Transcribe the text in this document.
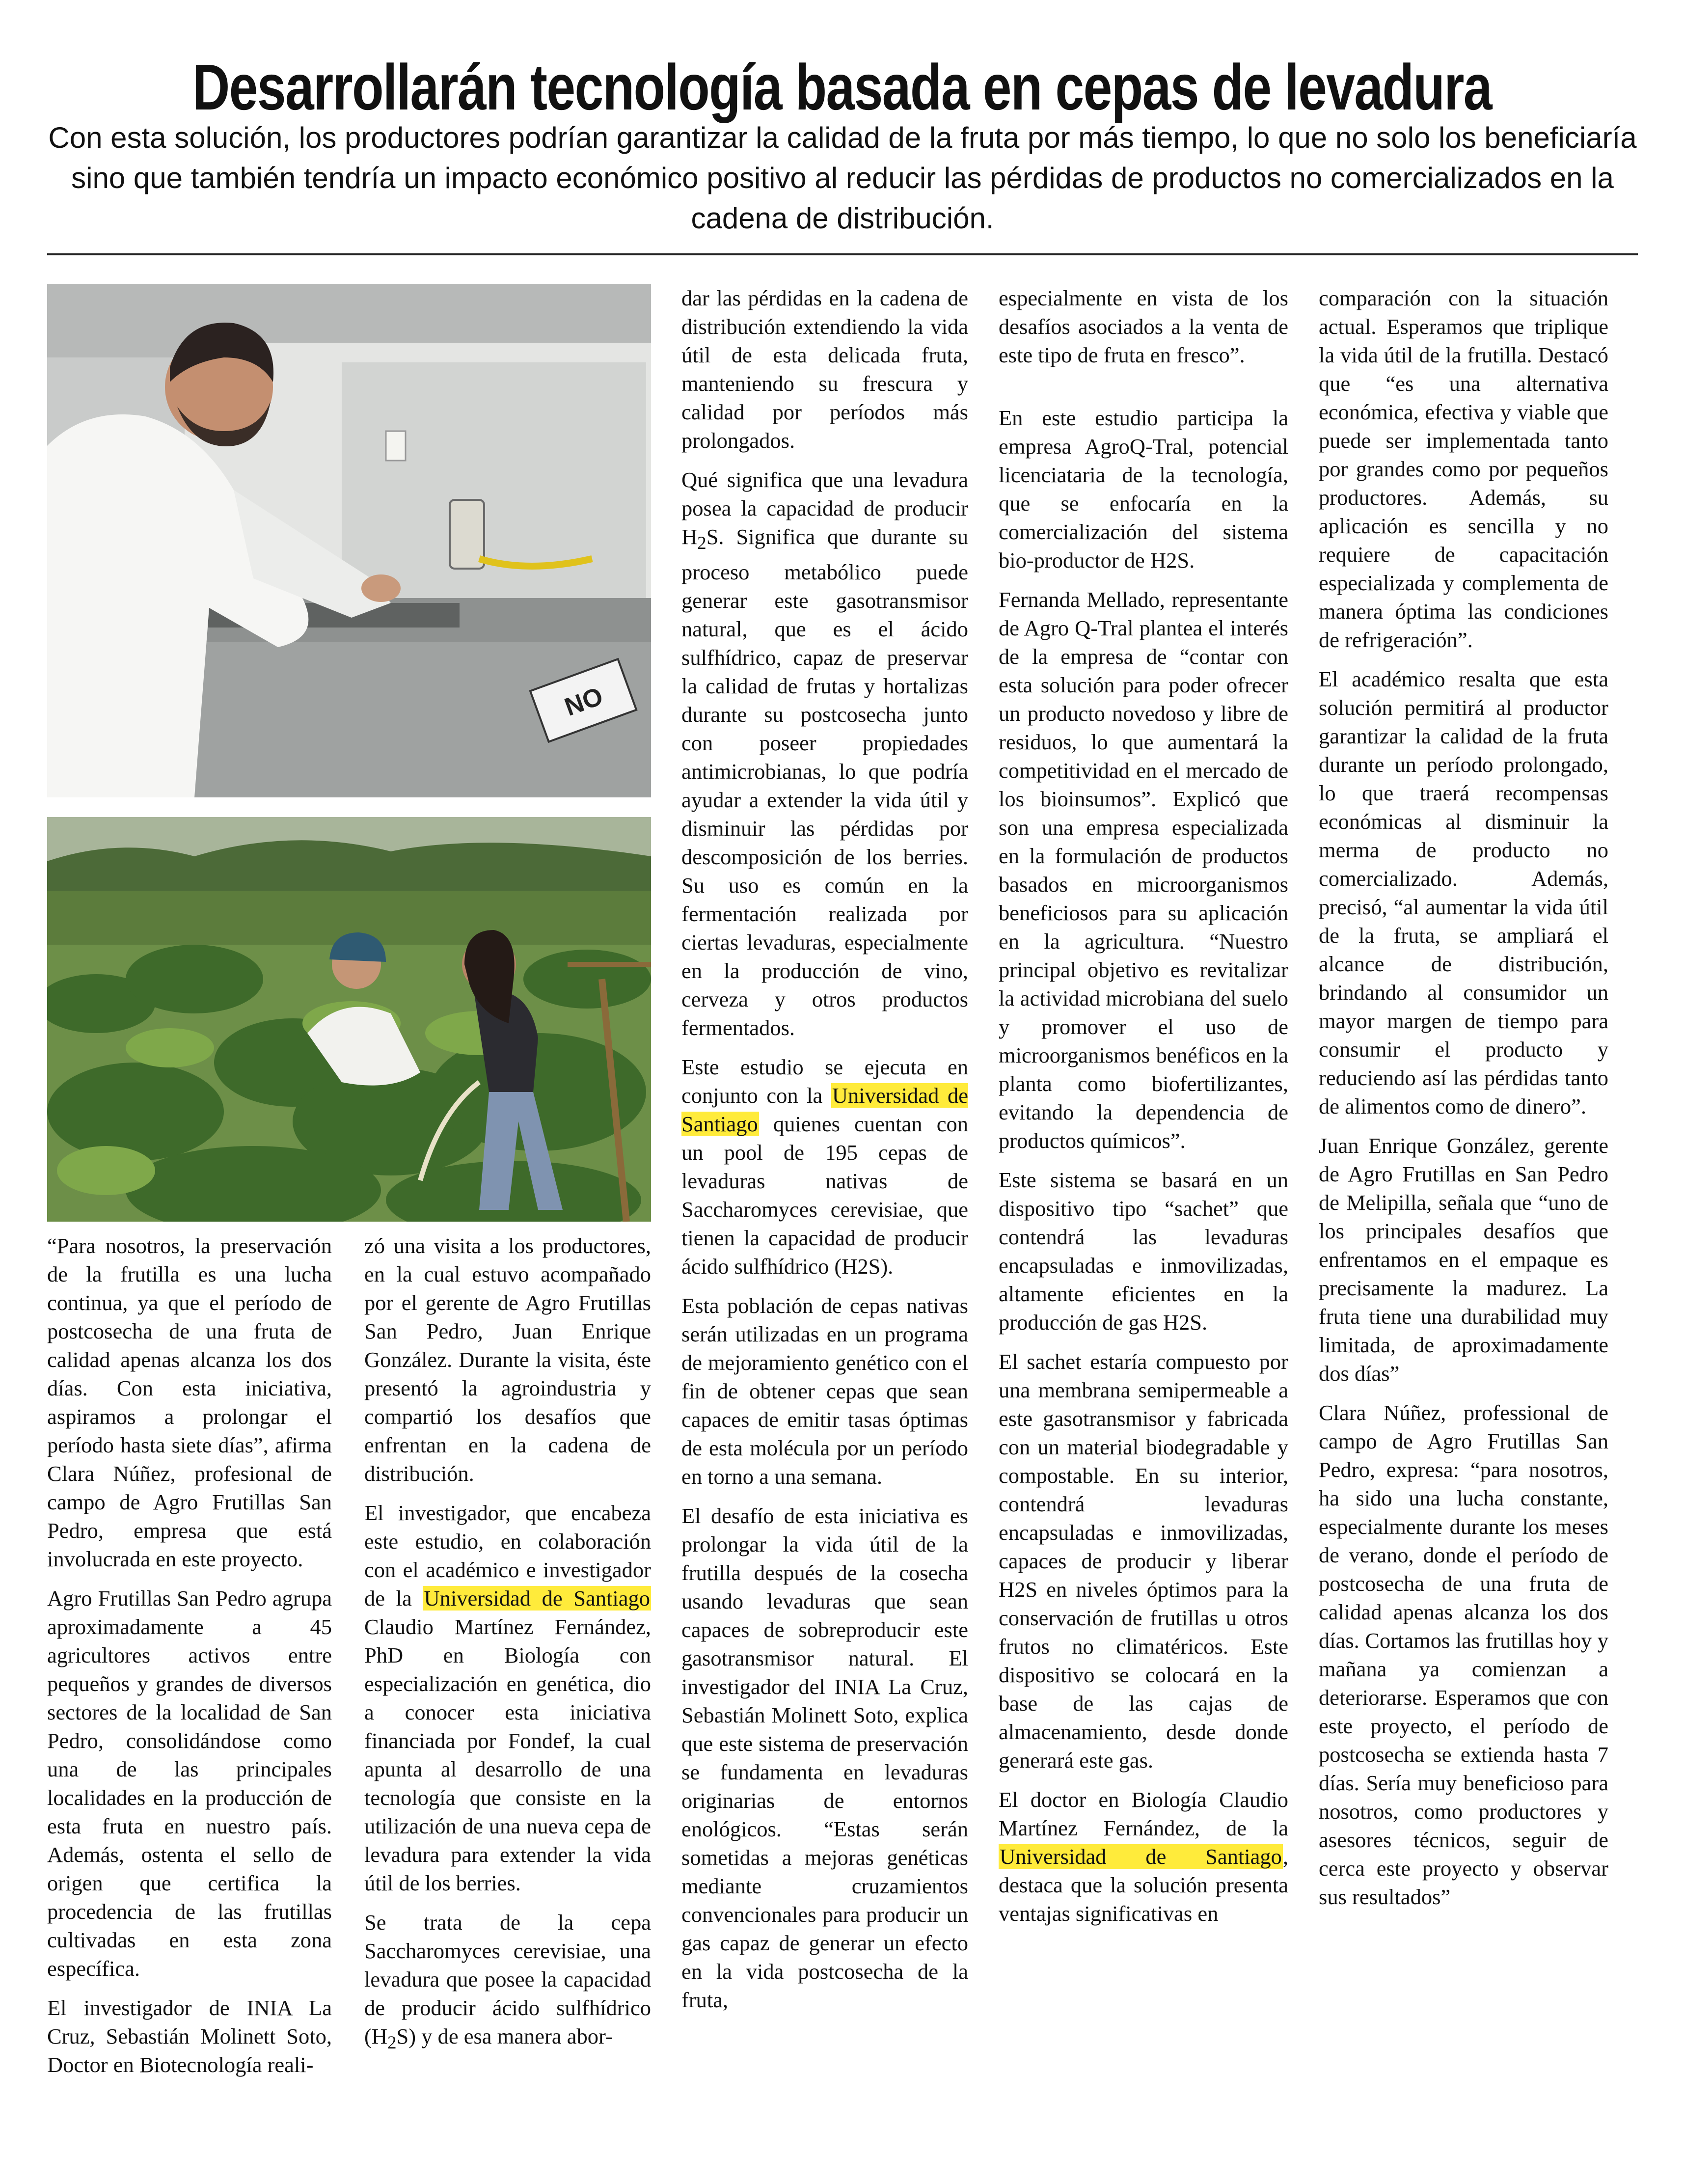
Desarrollarán tecnología basada en cepas de levadura

Con esta solución, los productores podrían garantizar la calidad de la fruta por más tiempo, lo que no solo los beneficiaría sino que también tendría un impacto económico positivo al reducir las pérdidas de productos no comercializados en la cadena de distribución.

NO

“Para nosotros, la preservación de la frutilla es una lucha continua, ya que el período de postcosecha de una fruta de calidad apenas alcanza los dos días. Con esta iniciativa, aspiramos a prolongar el período hasta siete días”, afirma Clara Núñez, profesional de campo de Agro Frutillas San Pedro, empresa que está involucrada en este proyecto.

Agro Frutillas San Pedro agrupa aproximadamente a 45 agricultores activos entre pequeños y grandes de diversos sectores de la localidad de San Pedro, consolidándose como una de las principales localidades en la producción de esta fruta en nuestro país. Además, ostenta el sello de origen que certifica la procedencia de las frutillas cultivadas en esta zona específica.

El investigador de INIA La Cruz, Sebastián Molinett Soto, Doctor en Biotecnología reali-

zó una visita a los productores, en la cual estuvo acompañado por el gerente de Agro Frutillas San Pedro, Juan Enrique González. Durante la visita, éste presentó la agroindustria y compartió los desafíos que enfrentan en la cadena de distribución.

El investigador, que encabeza este estudio, en colaboración con el académico e investigador de la Universidad de Santiago Claudio Martínez Fernández, PhD en Biología con especialización en genética, dio a conocer esta iniciativa financiada por Fondef, la cual apunta al desarrollo de una tecnología que consiste en la utilización de una nueva cepa de levadura para extender la vida útil de los berries.

Se trata de la cepa Saccharomyces cerevisiae, una levadura que posee la capacidad de producir ácido sulfhídrico $(H_2S)$ y de esa manera abor-

dar las pérdidas en la cadena de distribución extendiendo la vida útil de esta delicada fruta, manteniendo su frescura y calidad por períodos más prolongados.

Qué significa que una levadura posea la capacidad de producir $H_2S$. Significa que durante su proceso metabólico puede generar este gasotransmisor natural, que es el ácido sulfhídrico, capaz de preservar la calidad de frutas y hortalizas durante su postcosecha junto con poseer propiedades antimicrobianas, lo que podría ayudar a extender la vida útil y disminuir las pérdidas por descomposición de los berries. Su uso es común en la fermentación realizada por ciertas levaduras, especialmente en la producción de vino, cerveza y otros productos fermentados.

Este estudio se ejecuta en conjunto con la Universidad de Santiago quienes cuentan con un pool de 195 cepas de levaduras nativas de Saccharomyces cerevisiae, que tienen la capacidad de producir ácido sulfhídrico (H2S).

Esta población de cepas nativas serán utilizadas en un programa de mejoramiento genético con el fin de obtener cepas que sean capaces de emitir tasas óptimas de esta molécula por un período en torno a una semana.

El desafío de esta iniciativa es prolongar la vida útil de la frutilla después de la cosecha usando levaduras que sean capaces de sobreproducir este gasotransmisor natural. El investigador del INIA La Cruz, Sebastián Molinett Soto, explica que este sistema de preservación se fundamenta en levaduras originarias de entornos enológicos. “Estas serán sometidas a mejoras genéticas mediante cruzamientos convencionales para producir un gas capaz de generar un efecto en la vida postcosecha de la fruta,

especialmente en vista de los desafíos asociados a la venta de este tipo de fruta en fresco”.

En este estudio participa la empresa AgroQ-Tral, potencial licenciataria de la tecnología, que se enfocaría en la comercialización del sistema bio-productor de H2S.

Fernanda Mellado, representante de Agro Q-Tral plantea el interés de la empresa de “contar con esta solución para poder ofrecer un producto novedoso y libre de residuos, lo que aumentará la competitividad en el mercado de los bioinsumos”. Explicó que son una empresa especializada en la formulación de productos basados en microorganismos beneficiosos para su aplicación en la agricultura. “Nuestro principal objetivo es revitalizar la actividad microbiana del suelo y promover el uso de microorganismos benéficos en la planta como biofertilizantes, evitando la dependencia de productos químicos”.

Este sistema se basará en un dispositivo tipo “sachet” que contendrá las levaduras encapsuladas e inmovilizadas, altamente eficientes en la producción de gas H2S.

El sachet estaría compuesto por una membrana semipermeable a este gasotransmisor y fabricada con un material biodegradable y compostable. En su interior, contendrá levaduras encapsuladas e inmovilizadas, capaces de producir y liberar H2S en niveles óptimos para la conservación de frutillas u otros frutos no climatéricos. Este dispositivo se colocará en la base de las cajas de almacenamiento, desde donde generará este gas.

El doctor en Biología Claudio Martínez Fernández, de la Universidad de Santiago, destaca que la solución presenta ventajas significativas en

comparación con la situación actual. Esperamos que triplique la vida útil de la frutilla. Destacó que “es una alternativa económica, efectiva y viable que puede ser implementada tanto por grandes como por pequeños productores. Además, su aplicación es sencilla y no requiere de capacitación especializada y complementa de manera óptima las condiciones de refrigeración”.

El académico resalta que esta solución permitirá al productor garantizar la calidad de la fruta durante un período prolongado, lo que traerá recompensas económicas al disminuir la merma de producto no comercializado. Además, precisó, “al aumentar la vida útil de la fruta, se ampliará el alcance de distribución, brindando al consumidor un mayor margen de tiempo para consumir el producto y reduciendo así las pérdidas tanto de alimentos como de dinero”.

Juan Enrique González, gerente de Agro Frutillas en San Pedro de Melipilla, señala que “uno de los principales desafíos que enfrentamos en el empaque es precisamente la madurez. La fruta tiene una durabilidad muy limitada, de aproximadamente dos días”

Clara Núñez, professional de campo de Agro Frutillas San Pedro, expresa: “para nosotros, ha sido una lucha constante, especialmente durante los meses de verano, donde el período de postcosecha de una fruta de calidad apenas alcanza los dos días. Cortamos las frutillas hoy y mañana ya comienzan a deteriorarse. Esperamos que con este proyecto, el período de postcosecha se extienda hasta 7 días. Sería muy beneficioso para nosotros, como productores y asesores técnicos, seguir de cerca este proyecto y observar sus resultados”
